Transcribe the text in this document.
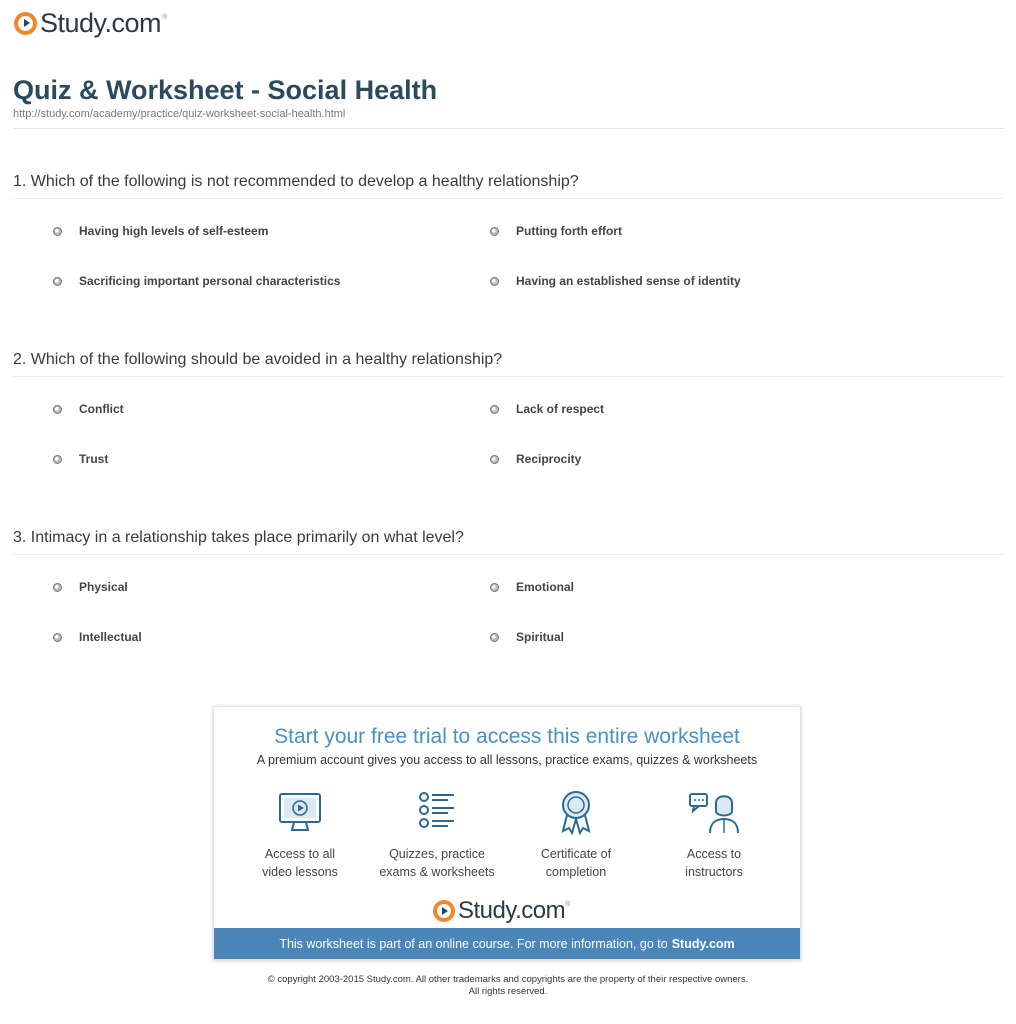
Study.com ®
Quiz & Worksheet - Social Health
http://study.com/academy/practice/quiz-worksheet-social-health.html
1. Which of the following is not recommended to develop a healthy relationship?
Having high levels of self-esteem	Putting forth effort
Sacrificing important personal characteristics	Having an established sense of identity
2. Which of the following should be avoided in a healthy relationship?
Conflict	Lack of respect
Trust	Reciprocity
3. Intimacy in a relationship takes place primarily on what level?
Physical	Emotional
Intellectual	Spiritual
Start your free trial to access this entire worksheet
A premium account gives you access to all lessons, practice exams, quizzes & worksheets
Access to all
video lessons
Quizzes, practice
exams & worksheets
Certificate of
completion
Access to
instructors
Study.com ®
This worksheet is part of an online course. For more information, go to Study.com
© copyright 2003-2015 Study.com. All other trademarks and copyrights are the property of their respective owners.
All rights reserved.
